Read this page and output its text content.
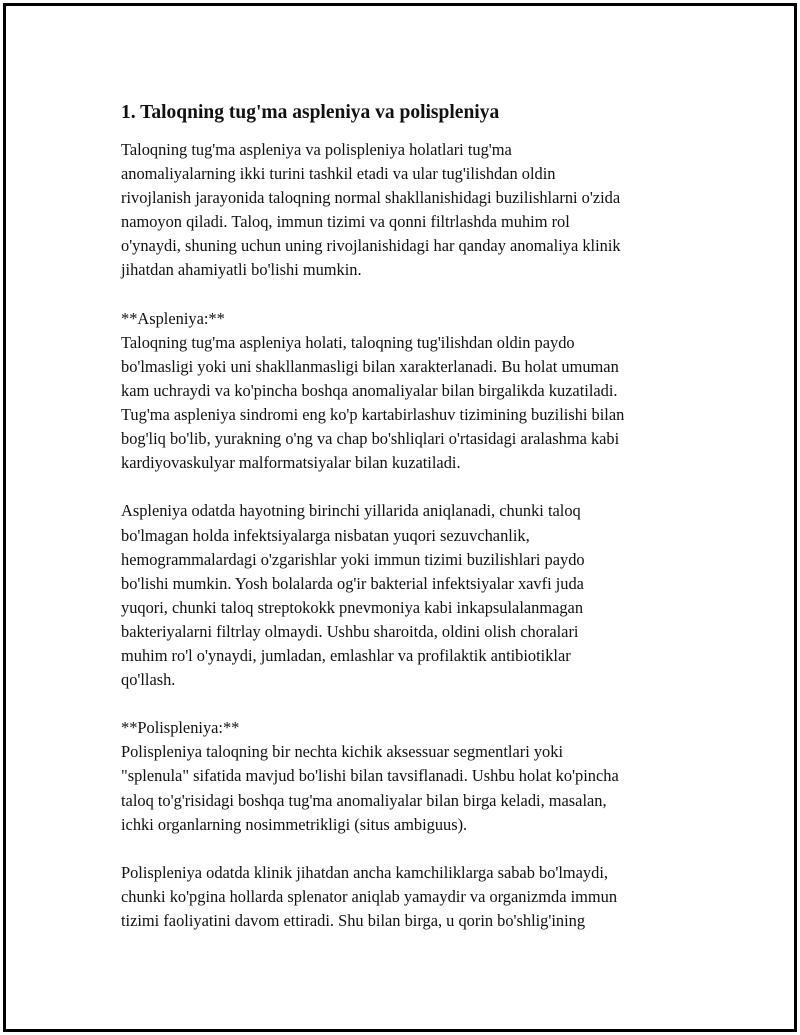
1. Taloqning tug'ma aspleniya va polispleniya

Taloqning tug'ma aspleniya va polispleniya holatlari tug'ma
anomaliyalarning ikki turini tashkil etadi va ular tug'ilishdan oldin
rivojlanish jarayonida taloqning normal shakllanishidagi buzilishlarni o'zida
namoyon qiladi. Taloq, immun tizimi va qonni filtrlashda muhim rol
o'ynaydi, shuning uchun uning rivojlanishidagi har qanday anomaliya klinik
jihatdan ahamiyatli bo'lishi mumkin.

**Aspleniya:**
Taloqning tug'ma aspleniya holati, taloqning tug'ilishdan oldin paydo
bo'lmasligi yoki uni shakllanmasligi bilan xarakterlanadi. Bu holat umuman
kam uchraydi va ko'pincha boshqa anomaliyalar bilan birgalikda kuzatiladi.
Tug'ma aspleniya sindromi eng ko'p kartabirlashuv tizimining buzilishi bilan
bog'liq bo'lib, yurakning o'ng va chap bo'shliqlari o'rtasidagi aralashma kabi
kardiyovaskulyar malformatsiyalar bilan kuzatiladi.

Aspleniya odatda hayotning birinchi yillarida aniqlanadi, chunki taloq
bo'lmagan holda infektsiyalarga nisbatan yuqori sezuvchanlik,
hemogrammalardagi o'zgarishlar yoki immun tizimi buzilishlari paydo
bo'lishi mumkin. Yosh bolalarda og'ir bakterial infektsiyalar xavfi juda
yuqori, chunki taloq streptokokk pnevmoniya kabi inkapsulalanmagan
bakteriyalarni filtrlay olmaydi. Ushbu sharoitda, oldini olish choralari
muhim ro'l o'ynaydi, jumladan, emlashlar va profilaktik antibiotiklar
qo'llash.

**Polispleniya:**
Polispleniya taloqning bir nechta kichik aksessuar segmentlari yoki
"splenula" sifatida mavjud bo'lishi bilan tavsiflanadi. Ushbu holat ko'pincha
taloq to'g'risidagi boshqa tug'ma anomaliyalar bilan birga keladi, masalan,
ichki organlarning nosimmetrikligi (situs ambiguus).

Polispleniya odatda klinik jihatdan ancha kamchiliklarga sabab bo'lmaydi,
chunki ko'pgina hollarda splenator aniqlab yamaydir va organizmda immun
tizimi faoliyatini davom ettiradi. Shu bilan birga, u qorin bo'shlig'ining
